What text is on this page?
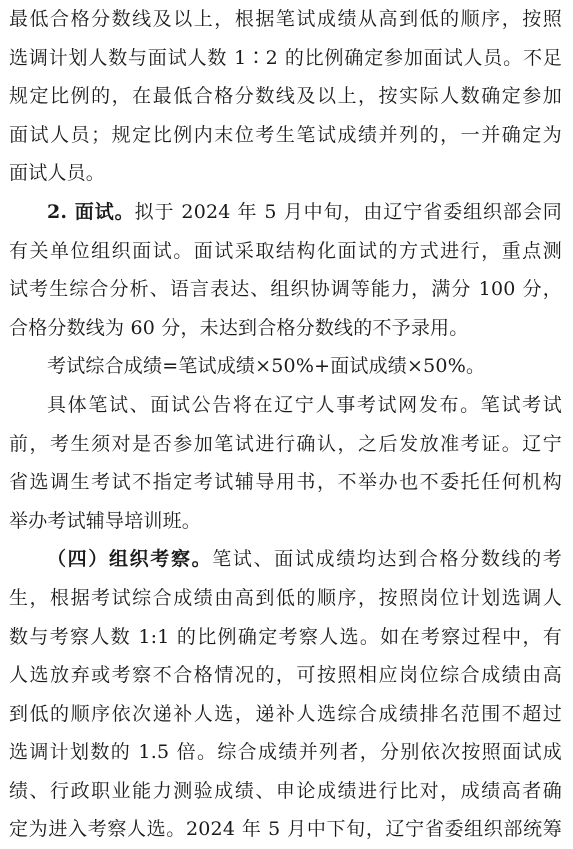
最低合格分数线及以上，根据笔试成绩从高到低的顺序，按照
选调计划人数与面试人数 1∶2 的比例确定参加面试人员。不足
规定比例的，在最低合格分数线及以上，按实际人数确定参加
面试人员；规定比例内末位考生笔试成绩并列的，一并确定为
面试人员。
2. 面试。拟于 2024 年 5 月中旬，由辽宁省委组织部会同
有关单位组织面试。面试采取结构化面试的方式进行，重点测
试考生综合分析、语言表达、组织协调等能力，满分 100 分，
合格分数线为 60 分，未达到合格分数线的不予录用。
考试综合成绩=笔试成绩×50%+面试成绩×50%。
具体笔试、面试公告将在辽宁人事考试网发布。笔试考试
前，考生须对是否参加笔试进行确认，之后发放准考证。辽宁
省选调生考试不指定考试辅导用书，不举办也不委托任何机构
举办考试辅导培训班。
（四）组织考察。笔试、面试成绩均达到合格分数线的考
生，根据考试综合成绩由高到低的顺序，按照岗位计划选调人
数与考察人数 1:1 的比例确定考察人选。如在考察过程中，有
人选放弃或考察不合格情况的，可按照相应岗位综合成绩由高
到低的顺序依次递补人选，递补人选综合成绩排名范围不超过
选调计划数的 1.5 倍。综合成绩并列者，分别依次按照面试成
绩、行政职业能力测验成绩、申论成绩进行比对，成绩高者确
定为进入考察人选。2024 年 5 月中下旬，辽宁省委组织部统筹
